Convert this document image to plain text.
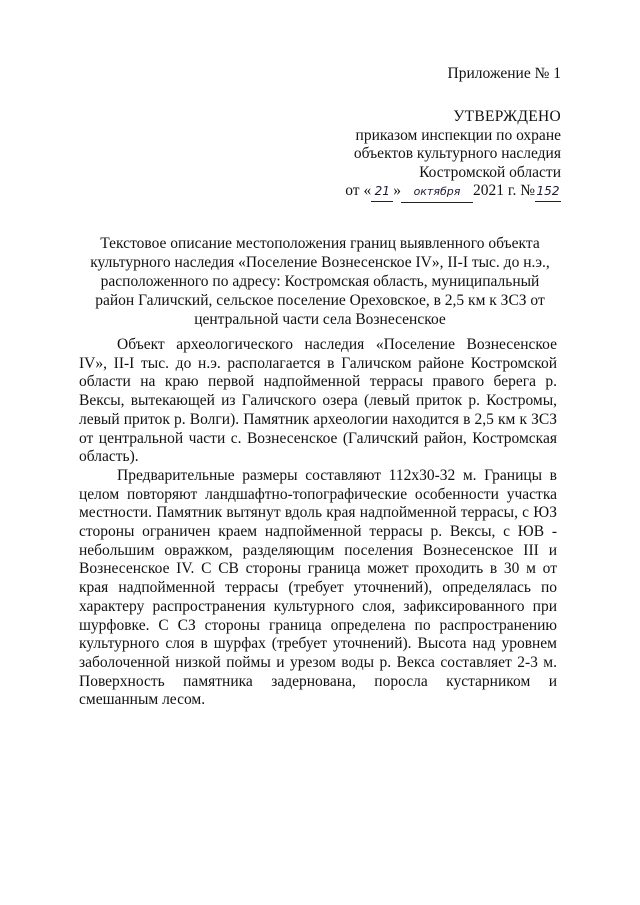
Приложение № 1
УТВЕРЖДЕНО
приказом инспекции по охране
объектов культурного наследия
Костромской области
от « 21 » октября 2021 г. № 152
Текстовое описание местоположения границ выявленного объекта культурного наследия «Поселение Вознесенское IV», II-I тыс. до н.э., расположенного по адресу: Костромская область, муниципальный район Галичский, сельское поселение Ореховское, в 2,5 км к ЗСЗ от центральной части села Вознесенское

Объект археологического наследия «Поселение Вознесенское IV», II-I тыс. до н.э. располагается в Галичском районе Костромской области на краю первой надпойменной террасы правого берега р. Вексы, вытекающей из Галичского озера (левый приток р. Костромы, левый приток р. Волги). Памятник археологии находится в 2,5 км к ЗСЗ от центральной части с. Вознесенское (Галичский район, Костромская область).

Предварительные размеры составляют 112х30-32 м. Границы в целом повторяют ландшафтно-топографические особенности участка местности. Памятник вытянут вдоль края надпойменной террасы, с ЮЗ стороны ограничен краем надпойменной террасы р. Вексы, с ЮВ - небольшим овражком, разделяющим поселения Вознесенское III и Вознесенское IV. С СВ стороны граница может проходить в 30 м от края надпойменной террасы (требует уточнений), определялась по характеру распространения культурного слоя, зафиксированного при шурфовке. С СЗ стороны граница определена по распространению культурного слоя в шурфах (требует уточнений). Высота над уровнем заболоченной низкой поймы и урезом воды р. Векса составляет 2-3 м. Поверхность памятника задернована, поросла кустарником и смешанным лесом.
